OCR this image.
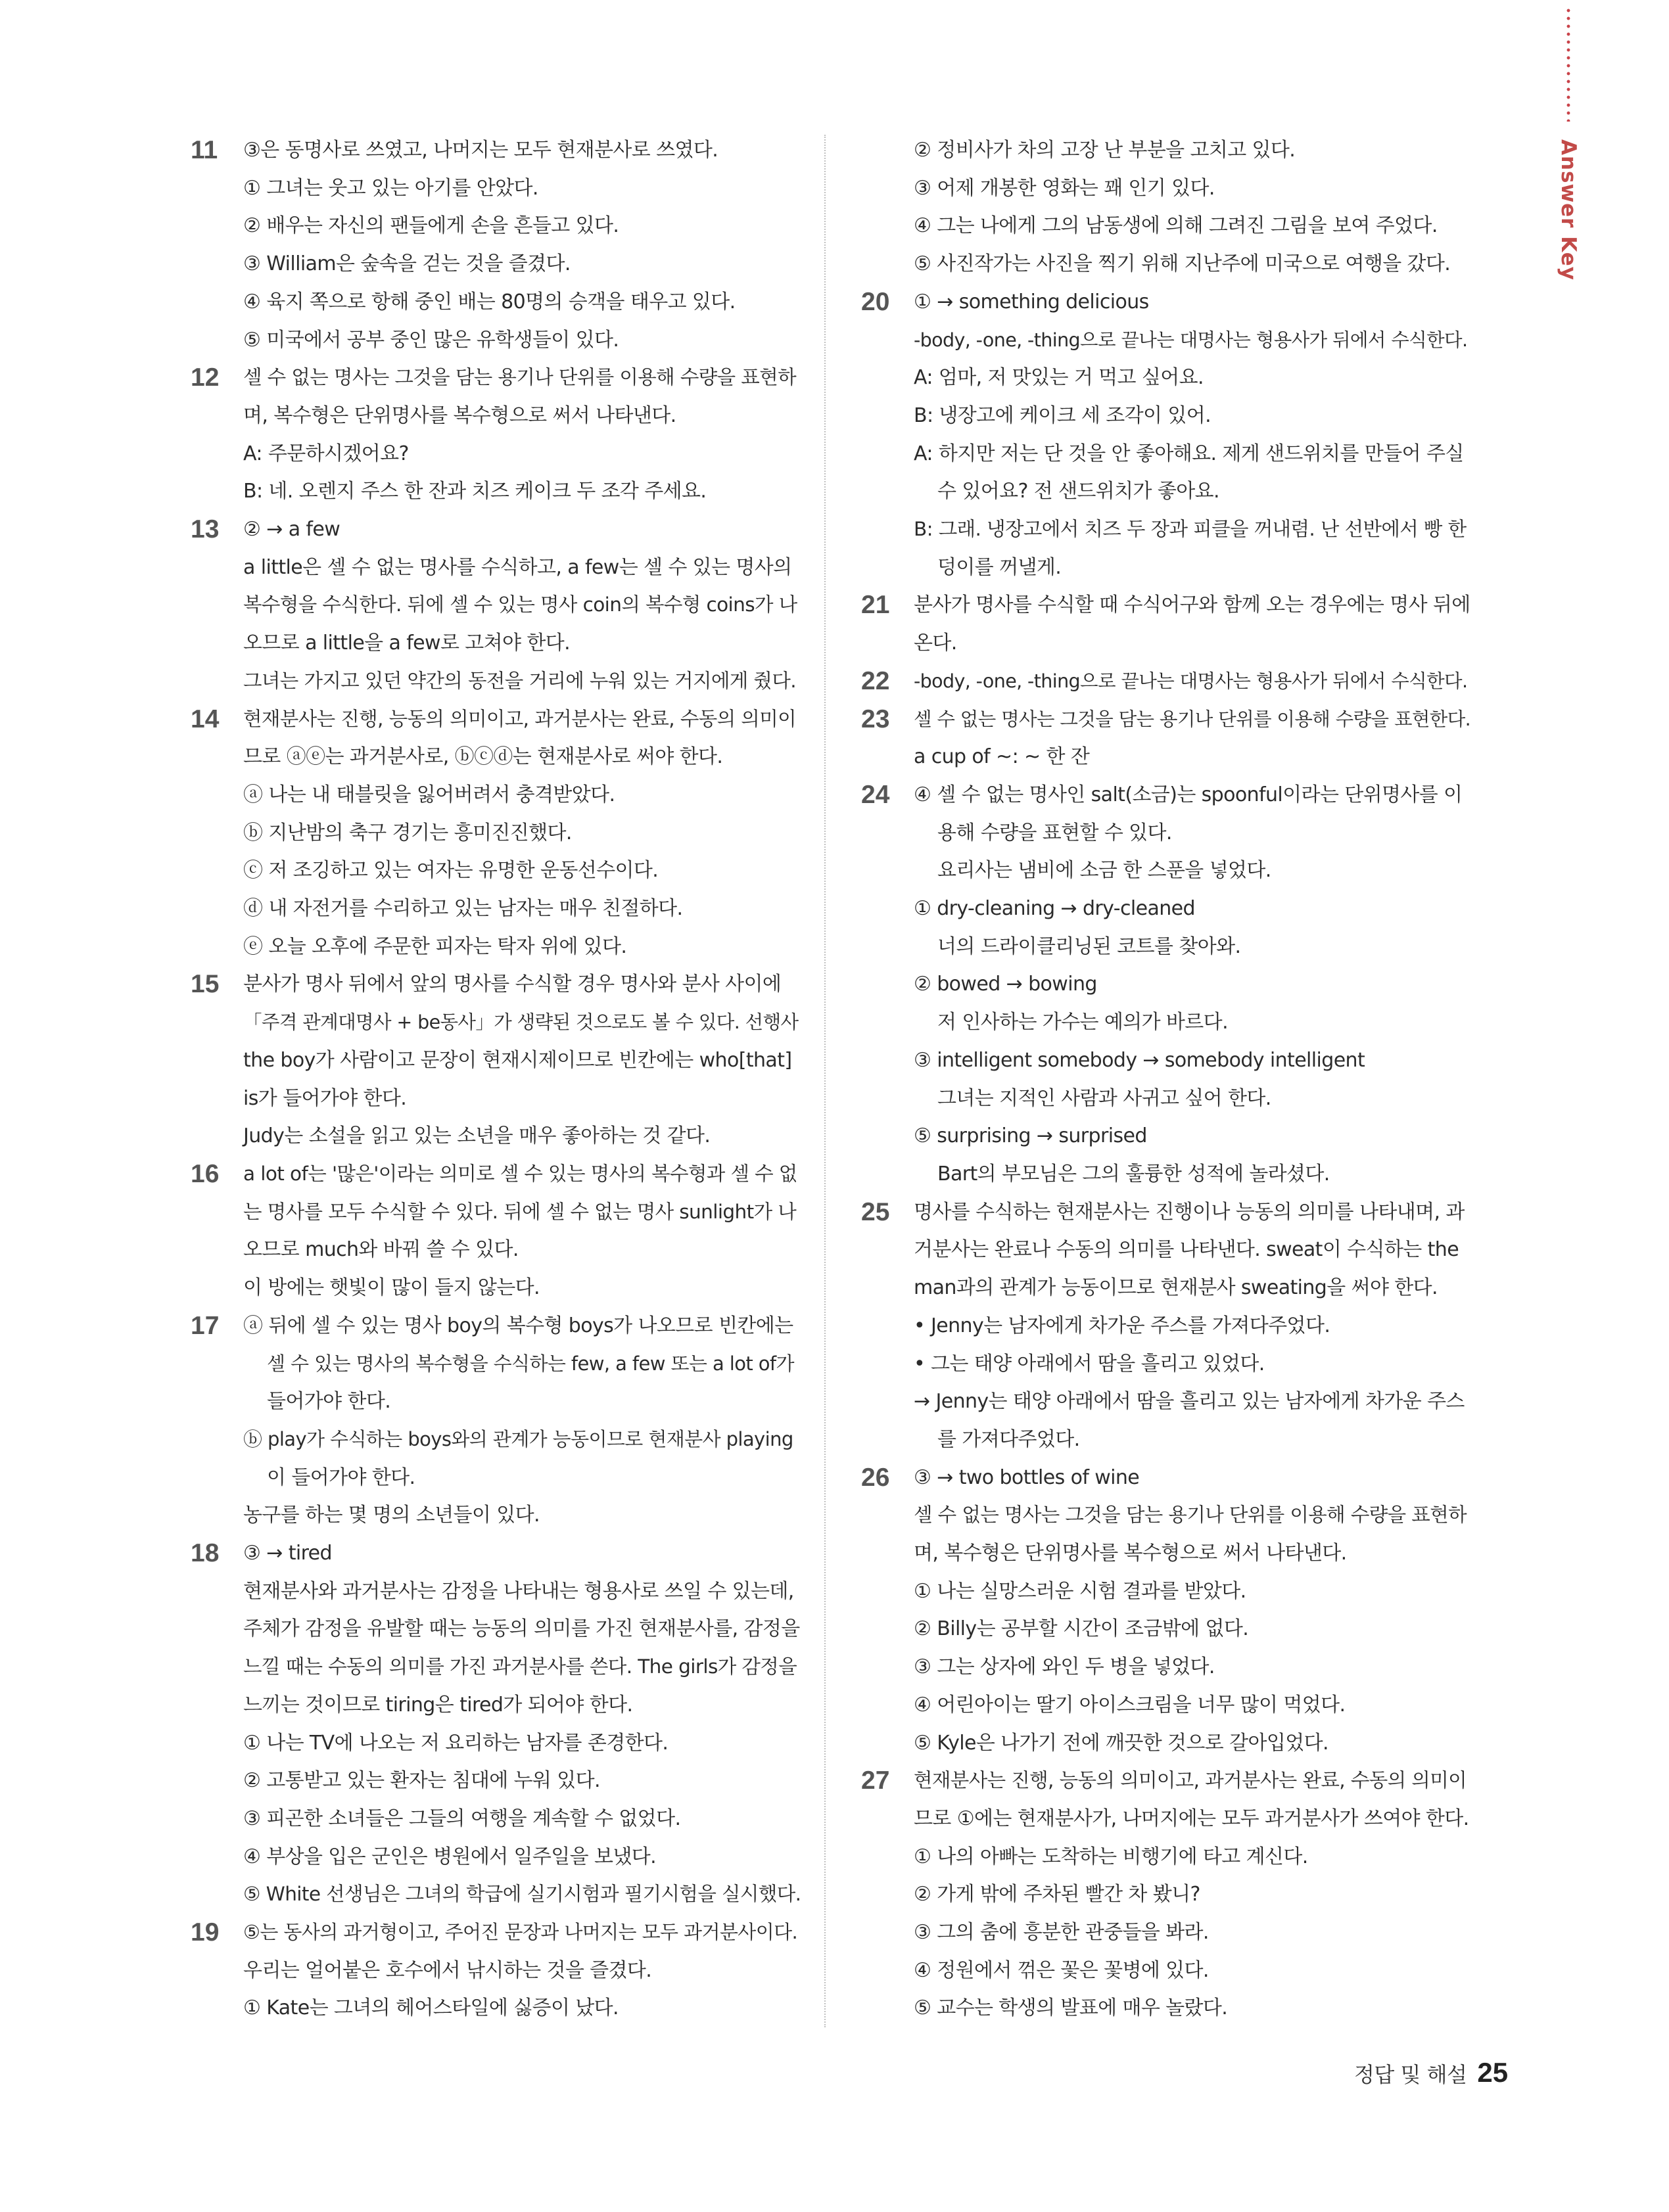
Answer Key
11	③은 동명사로 쓰였고, 나머지는 모두 현재분사로 쓰였다.
① 그녀는 웃고 있는 아기를 안았다.
② 배우는 자신의 팬들에게 손을 흔들고 있다.
③ William은 숲속을 걷는 것을 즐겼다.
④ 육지 쪽으로 항해 중인 배는 80명의 승객을 태우고 있다.
⑤ 미국에서 공부 중인 많은 유학생들이 있다.
12	셀 수 없는 명사는 그것을 담는 용기나 단위를 이용해 수량을 표현하
며, 복수형은 단위명사를 복수형으로 써서 나타낸다.
A: 주문하시겠어요?
B: 네. 오렌지 주스 한 잔과 치즈 케이크 두 조각 주세요.
13	② → a few
a little은 셀 수 없는 명사를 수식하고, a few는 셀 수 있는 명사의
복수형을 수식한다. 뒤에 셀 수 있는 명사 coin의 복수형 coins가 나
오므로 a little을 a few로 고쳐야 한다.
그녀는 가지고 있던 약간의 동전을 거리에 누워 있는 거지에게 줬다.
14	현재분사는 진행, 능동의 의미이고, 과거분사는 완료, 수동의 의미이
므로 ⓐⓔ는 과거분사로, ⓑⓒⓓ는 현재분사로 써야 한다.
ⓐ 나는 내 태블릿을 잃어버려서 충격받았다.
ⓑ 지난밤의 축구 경기는 흥미진진했다.
ⓒ 저 조깅하고 있는 여자는 유명한 운동선수이다.
ⓓ 내 자전거를 수리하고 있는 남자는 매우 친절하다.
ⓔ 오늘 오후에 주문한 피자는 탁자 위에 있다.
15	분사가 명사 뒤에서 앞의 명사를 수식할 경우 명사와 분사 사이에
「주격 관계대명사 + be동사」가 생략된 것으로도 볼 수 있다. 선행사
the boy가 사람이고 문장이 현재시제이므로 빈칸에는 who[that]
is가 들어가야 한다.
Judy는 소설을 읽고 있는 소년을 매우 좋아하는 것 같다.
16	a lot of는 '많은'이라는 의미로 셀 수 있는 명사의 복수형과 셀 수 없
는 명사를 모두 수식할 수 있다. 뒤에 셀 수 없는 명사 sunlight가 나
오므로 much와 바꿔 쓸 수 있다.
이 방에는 햇빛이 많이 들지 않는다.
17	ⓐ 뒤에 셀 수 있는 명사 boy의 복수형 boys가 나오므로 빈칸에는
셀 수 있는 명사의 복수형을 수식하는 few, a few 또는 a lot of가
들어가야 한다.
ⓑ play가 수식하는 boys와의 관계가 능동이므로 현재분사 playing
이 들어가야 한다.
농구를 하는 몇 명의 소년들이 있다.
18	③ → tired
현재분사와 과거분사는 감정을 나타내는 형용사로 쓰일 수 있는데,
주체가 감정을 유발할 때는 능동의 의미를 가진 현재분사를, 감정을
느낄 때는 수동의 의미를 가진 과거분사를 쓴다. The girls가 감정을
느끼는 것이므로 tiring은 tired가 되어야 한다.
① 나는 TV에 나오는 저 요리하는 남자를 존경한다.
② 고통받고 있는 환자는 침대에 누워 있다.
③ 피곤한 소녀들은 그들의 여행을 계속할 수 없었다.
④ 부상을 입은 군인은 병원에서 일주일을 보냈다.
⑤ White 선생님은 그녀의 학급에 실기시험과 필기시험을 실시했다.
19	⑤는 동사의 과거형이고, 주어진 문장과 나머지는 모두 과거분사이다.
우리는 얼어붙은 호수에서 낚시하는 것을 즐겼다.
① Kate는 그녀의 헤어스타일에 싫증이 났다.
② 정비사가 차의 고장 난 부분을 고치고 있다.
③ 어제 개봉한 영화는 꽤 인기 있다.
④ 그는 나에게 그의 남동생에 의해 그려진 그림을 보여 주었다.
⑤ 사진작가는 사진을 찍기 위해 지난주에 미국으로 여행을 갔다.
20	① → something delicious
-body, -one, -thing으로 끝나는 대명사는 형용사가 뒤에서 수식한다.
A: 엄마, 저 맛있는 거 먹고 싶어요.
B: 냉장고에 케이크 세 조각이 있어.
A: 하지만 저는 단 것을 안 좋아해요. 제게 샌드위치를 만들어 주실
수 있어요? 전 샌드위치가 좋아요.
B: 그래. 냉장고에서 치즈 두 장과 피클을 꺼내렴. 난 선반에서 빵 한
덩이를 꺼낼게.
21	분사가 명사를 수식할 때 수식어구와 함께 오는 경우에는 명사 뒤에
온다.
22	-body, -one, -thing으로 끝나는 대명사는 형용사가 뒤에서 수식한다.
23	셀 수 없는 명사는 그것을 담는 용기나 단위를 이용해 수량을 표현한다.
a cup of ~: ~ 한 잔
24	④ 셀 수 없는 명사인 salt(소금)는 spoonful이라는 단위명사를 이
용해 수량을 표현할 수 있다.
요리사는 냄비에 소금 한 스푼을 넣었다.
① dry-cleaning → dry-cleaned
너의 드라이클리닝된 코트를 찾아와.
② bowed → bowing
저 인사하는 가수는 예의가 바르다.
③ intelligent somebody → somebody intelligent
그녀는 지적인 사람과 사귀고 싶어 한다.
⑤ surprising → surprised
Bart의 부모님은 그의 훌륭한 성적에 놀라셨다.
25	명사를 수식하는 현재분사는 진행이나 능동의 의미를 나타내며, 과
거분사는 완료나 수동의 의미를 나타낸다. sweat이 수식하는 the
man과의 관계가 능동이므로 현재분사 sweating을 써야 한다.
• Jenny는 남자에게 차가운 주스를 가져다주었다.
• 그는 태양 아래에서 땀을 흘리고 있었다.
→ Jenny는 태양 아래에서 땀을 흘리고 있는 남자에게 차가운 주스
를 가져다주었다.
26	③ → two bottles of wine
셀 수 없는 명사는 그것을 담는 용기나 단위를 이용해 수량을 표현하
며, 복수형은 단위명사를 복수형으로 써서 나타낸다.
① 나는 실망스러운 시험 결과를 받았다.
② Billy는 공부할 시간이 조금밖에 없다.
③ 그는 상자에 와인 두 병을 넣었다.
④ 어린아이는 딸기 아이스크림을 너무 많이 먹었다.
⑤ Kyle은 나가기 전에 깨끗한 것으로 갈아입었다.
27	현재분사는 진행, 능동의 의미이고, 과거분사는 완료, 수동의 의미이
므로 ①에는 현재분사가, 나머지에는 모두 과거분사가 쓰여야 한다.
① 나의 아빠는 도착하는 비행기에 타고 계신다.
② 가게 밖에 주차된 빨간 차 봤니?
③ 그의 춤에 흥분한 관중들을 봐라.
④ 정원에서 꺾은 꽃은 꽃병에 있다.
⑤ 교수는 학생의 발표에 매우 놀랐다.
정답 및 해설 25
